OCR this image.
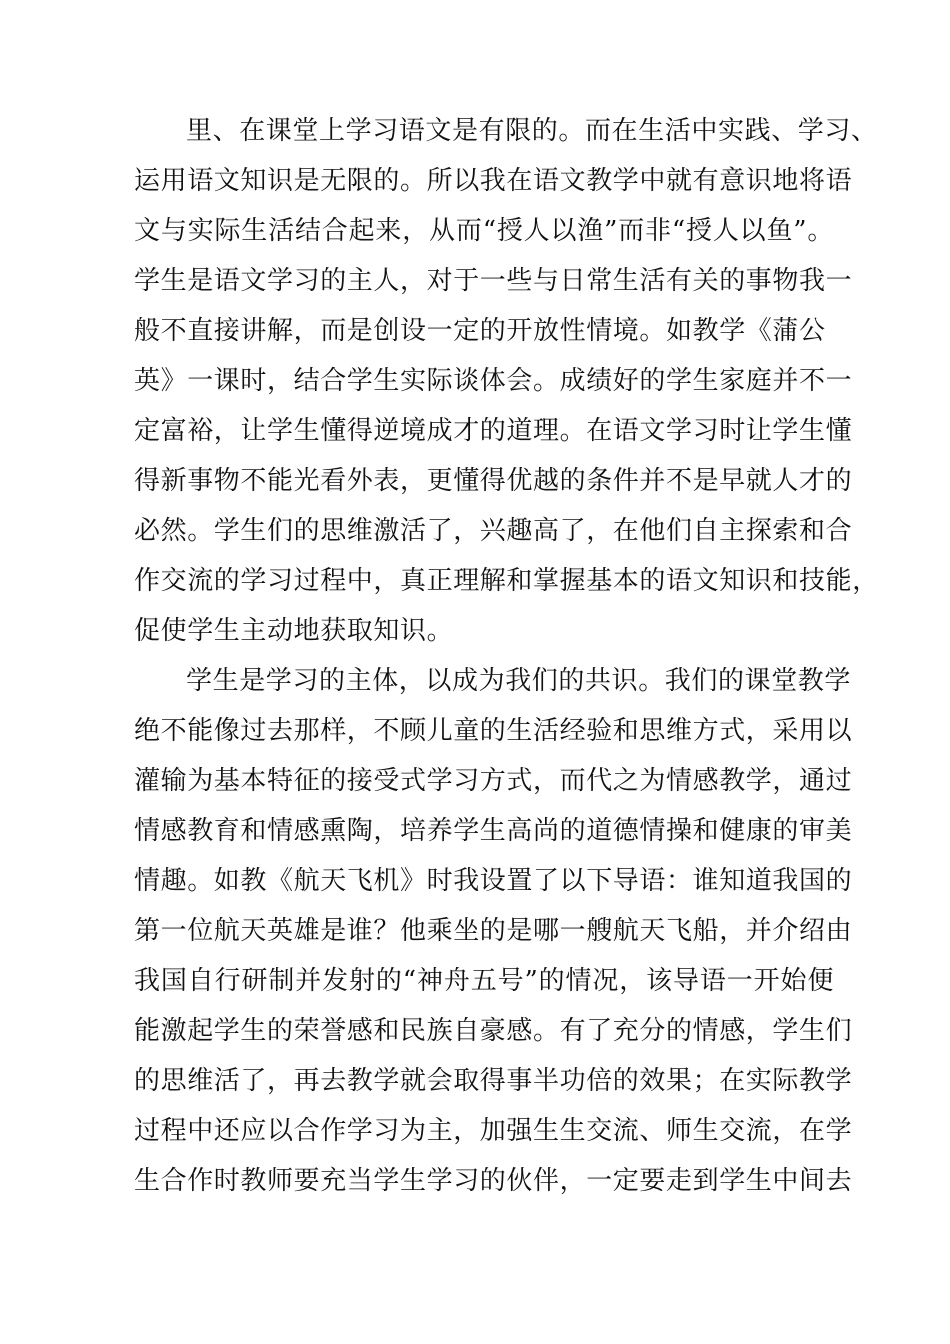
里、在课堂上学习语文是有限的。而在生活中实践、学习、
运用语文知识是无限的。所以我在语文教学中就有意识地将语
文与实际生活结合起来，从而“授人以渔”而非“授人以鱼”。
学生是语文学习的主人，对于一些与日常生活有关的事物我一
般不直接讲解，而是创设一定的开放性情境。如教学《蒲公
英》一课时，结合学生实际谈体会。成绩好的学生家庭并不一
定富裕，让学生懂得逆境成才的道理。在语文学习时让学生懂
得新事物不能光看外表，更懂得优越的条件并不是早就人才的
必然。学生们的思维激活了，兴趣高了，在他们自主探索和合
作交流的学习过程中，真正理解和掌握基本的语文知识和技能，
促使学生主动地获取知识。
学生是学习的主体，以成为我们的共识。我们的课堂教学
绝不能像过去那样，不顾儿童的生活经验和思维方式，采用以
灌输为基本特征的接受式学习方式，而代之为情感教学，通过
情感教育和情感熏陶，培养学生高尚的道德情操和健康的审美
情趣。如教《航天飞机》时我设置了以下导语：谁知道我国的
第一位航天英雄是谁？他乘坐的是哪一艘航天飞船，并介绍由
我国自行研制并发射的“神舟五号”的情况，该导语一开始便
能激起学生的荣誉感和民族自豪感。有了充分的情感，学生们
的思维活了，再去教学就会取得事半功倍的效果；在实际教学
过程中还应以合作学习为主，加强生生交流、师生交流，在学
生合作时教师要充当学生学习的伙伴，一定要走到学生中间去
